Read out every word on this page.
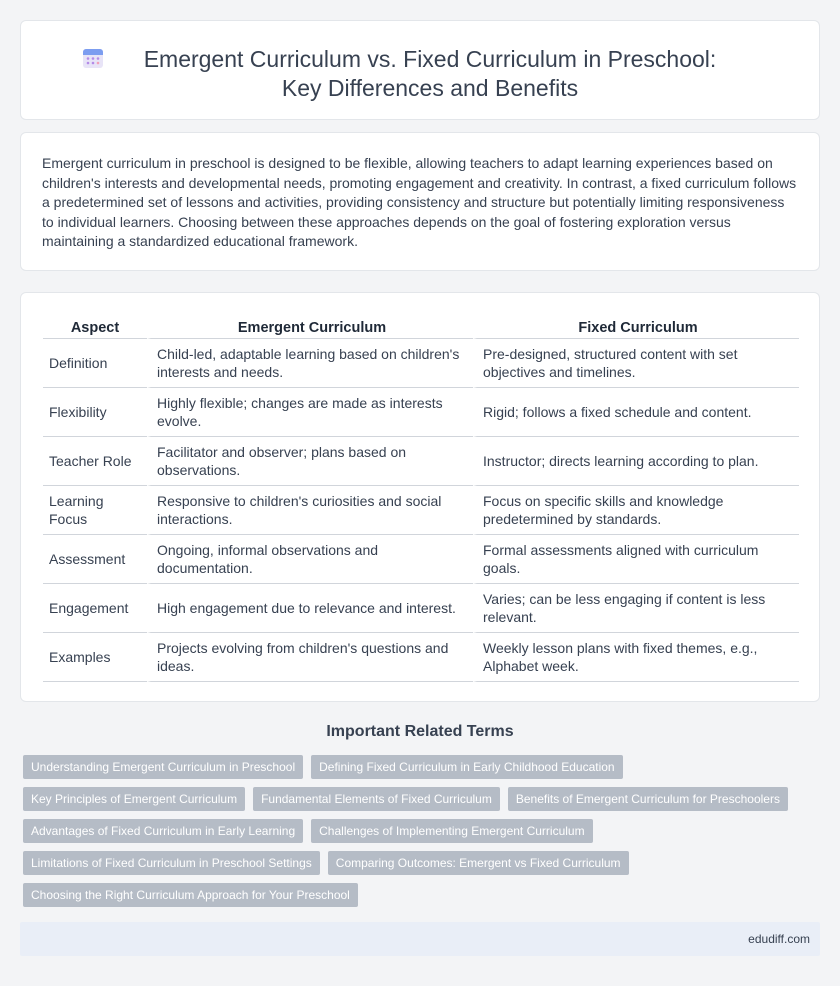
Emergent Curriculum vs. Fixed Curriculum in Preschool: Key Differences and Benefits

Emergent curriculum in preschool is designed to be flexible, allowing teachers to adapt learning experiences based on children's interests and developmental needs, promoting engagement and creativity. In contrast, a fixed curriculum follows a predetermined set of lessons and activities, providing consistency and structure but potentially limiting responsiveness to individual learners. Choosing between these approaches depends on the goal of fostering exploration versus maintaining a standardized educational framework.

Aspect	Emergent Curriculum	Fixed Curriculum
Definition	Child-led, adaptable learning based on children's interests and needs.	Pre-designed, structured content with set objectives and timelines.
Flexibility	Highly flexible; changes are made as interests evolve.	Rigid; follows a fixed schedule and content.
Teacher Role	Facilitator and observer; plans based on observations.	Instructor; directs learning according to plan.
Learning Focus	Responsive to children's curiosities and social interactions.	Focus on specific skills and knowledge predetermined by standards.
Assessment	Ongoing, informal observations and documentation.	Formal assessments aligned with curriculum goals.
Engagement	High engagement due to relevance and interest.	Varies; can be less engaging if content is less relevant.
Examples	Projects evolving from children's questions and ideas.	Weekly lesson plans with fixed themes, e.g., Alphabet week.
Important Related Terms
Understanding Emergent Curriculum in Preschool	Defining Fixed Curriculum in Early Childhood Education
Key Principles of Emergent Curriculum	Fundamental Elements of Fixed Curriculum	Benefits of Emergent Curriculum for Preschoolers
Advantages of Fixed Curriculum in Early Learning	Challenges of Implementing Emergent Curriculum
Limitations of Fixed Curriculum in Preschool Settings	Comparing Outcomes: Emergent vs Fixed Curriculum
Choosing the Right Curriculum Approach for Your Preschool
edudiff.com
